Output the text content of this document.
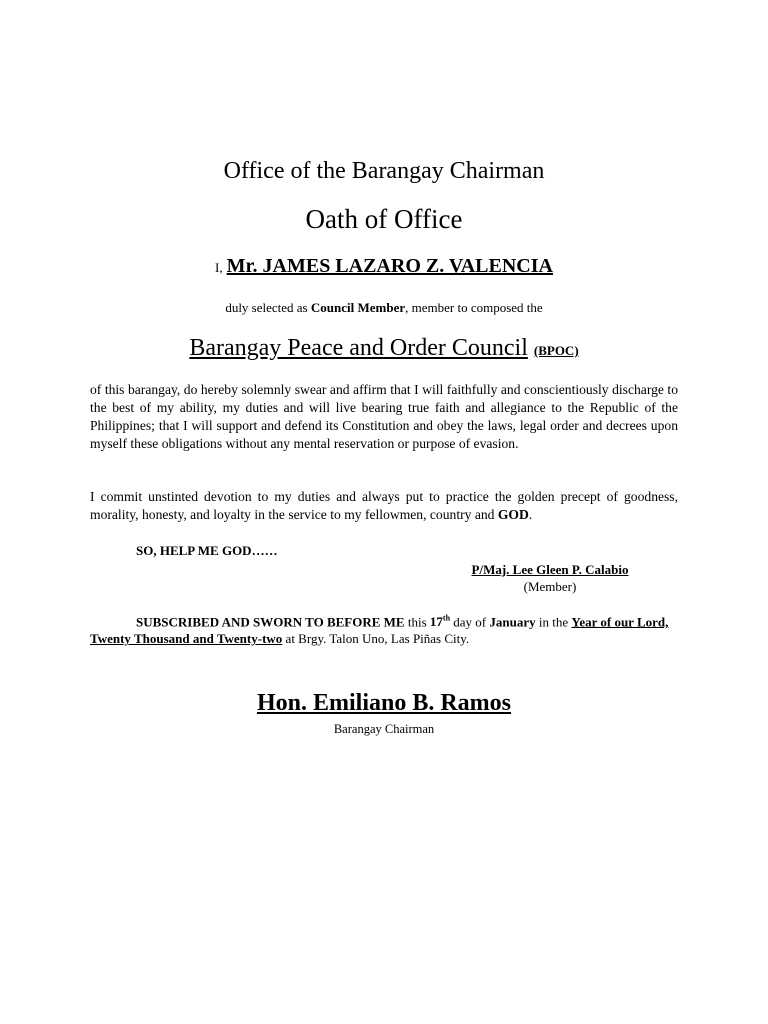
Office of the Barangay Chairman
Oath of Office
I, Mr. JAMES LAZARO Z. VALENCIA
duly selected as Council Member, member to composed the
Barangay Peace and Order Council (BPOC)
of this barangay, do hereby solemnly swear and affirm that I will faithfully and conscientiously discharge to the best of my ability, my duties and will live bearing true faith and allegiance to the Republic of the Philippines; that I will support and defend its Constitution and obey the laws, legal order and decrees upon myself these obligations without any mental reservation or purpose of evasion.
I commit unstinted devotion to my duties and always put to practice the golden precept of goodness, morality, honesty, and loyalty in the service to my fellowmen, country and GOD.
SO, HELP ME GOD……
P/Maj. Lee Gleen P. Calabio
(Member)
SUBSCRIBED AND SWORN TO BEFORE ME this 17th day of January in the Year of our Lord, Twenty Thousand and Twenty-two at Brgy. Talon Uno, Las Piñas City.
Hon. Emiliano B. Ramos
Barangay Chairman
